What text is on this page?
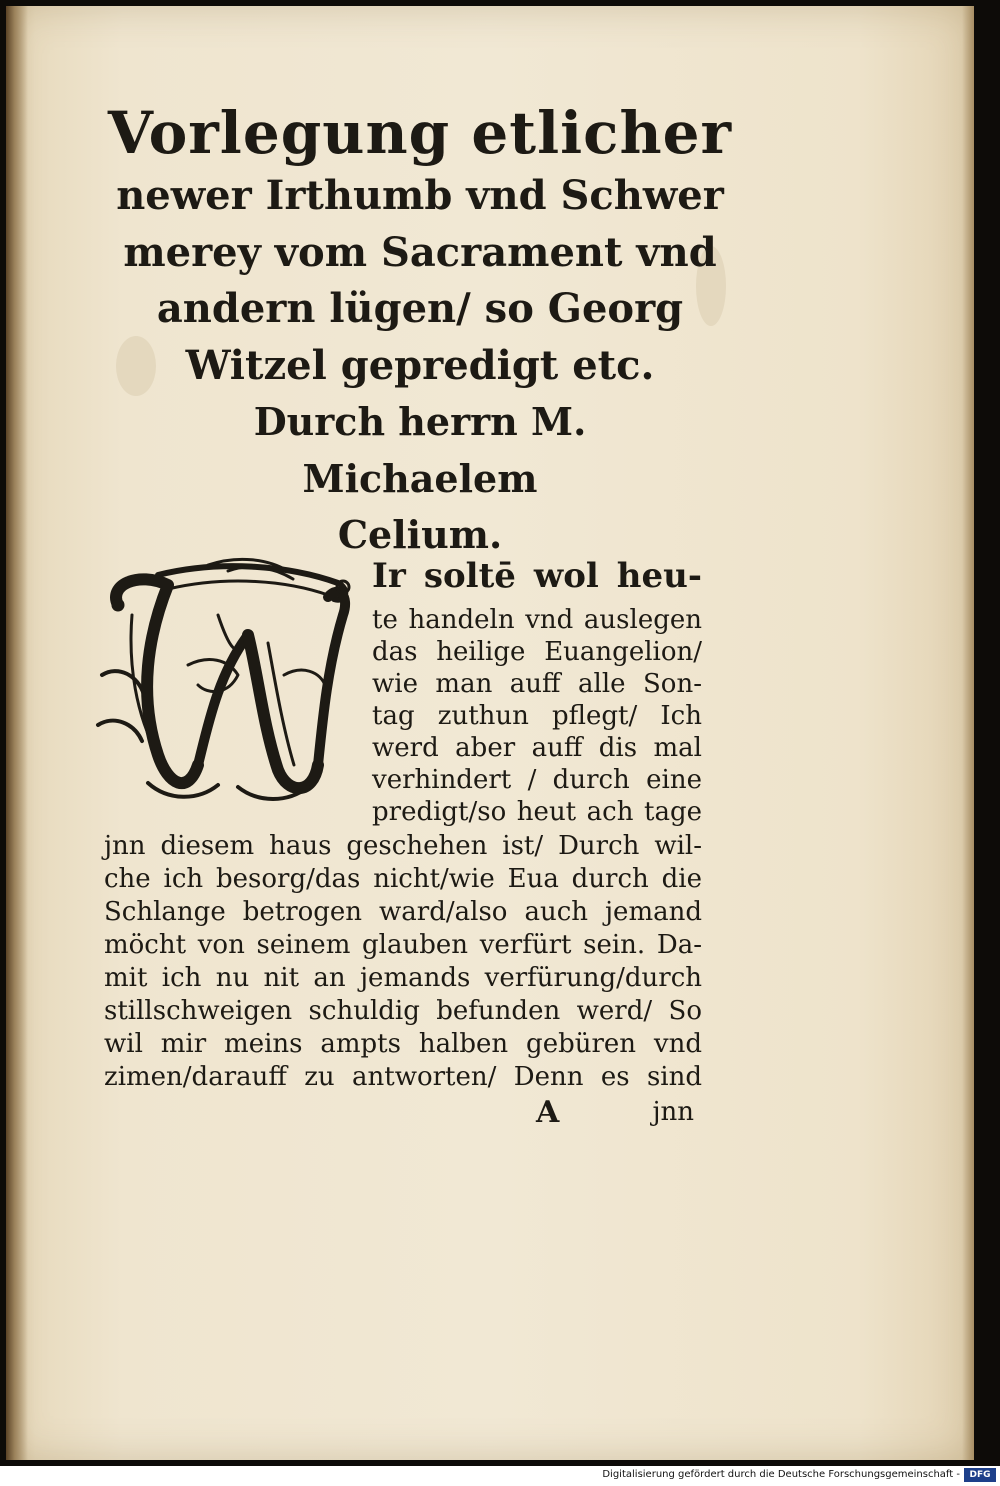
Vorlegung etlicher
newer Irthumb vnd Schwer
merey vom Sacrament vnd
andern lügen/ so Georg
Witzel gepredigt etc.
Durch herrn M.
Michaelem
Celium.
Ir soltē wol heu-
te handeln vnd auslegen
das heilige Euangelion/
wie man auff alle Son-
tag zuthun pflegt/ Ich
werd aber auff dis mal
verhindert / durch eine
predigt/so heut ach tage
jnn diesem haus geschehen ist/ Durch wil-
che ich besorg/das nicht/wie Eua durch die
Schlange betrogen ward/also auch jemand
möcht von seinem glauben verfürt sein. Da-
mit ich nu nit an jemands verfürung/durch
stillschweigen schuldig befunden werd/ So
wil mir meins ampts halben gebüren vnd
zimen/darauff zu antworten/ Denn es sind
A	jnn
Digitalisierung gefördert durch die Deutsche Forschungsgemeinschaft -	DFG
